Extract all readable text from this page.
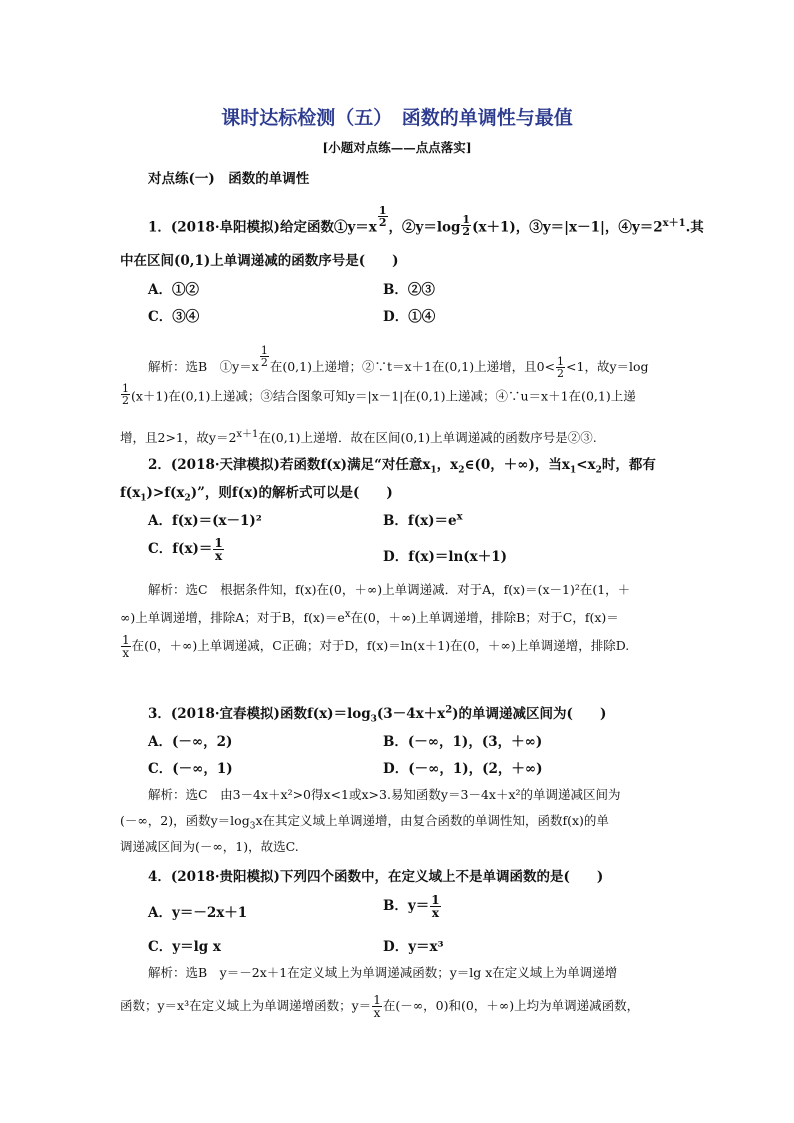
课时达标检测（五）　函数的单调性与最值
[小题对点练——点点落实]
对点练(一)　函数的单调性
1．(2018·阜阳模拟)给定函数①y＝x $\frac{1}{2}$ ，②y＝log $\frac{1}{2} (x+1)$，③y＝|x－1|，$④y=2^{x+1}$.其
中在区间(0,1)上单调递减的函数序号是(　　)
A．①②	B．②③
C．③④	D．①④
解析：选B　①y＝x $\frac{1}{2}$ 在(0,1)上递增；②∵t＝x＋1在(0,1)上递增，且$0< \frac{1}{2} <1$，故y＝log
$\frac{1}{2} (x+1)$在(0,1)上递减；③结合图象可知y＝|x－1|在(0,1)上递减；④∵u＝x＋1在(0,1)上递
增，且2>1，故$y=2^{x+1}$在(0,1)上递增．故在区间(0,1)上单调递减的函数序号是②③.
2．(2018·天津模拟)若函数f(x)满足“对任意$x_1$，$x_2\in(0$，＋∞)，当$x_1<x_2$时，都有
$f(x_1)>f(x_2)$”，则f(x)的解析式可以是(　　)
A．f(x)＝(x－1)²	B．$f(x)=e^x$
C．$f(x)= \frac{1}{x}$	D．f(x)＝ln(x＋1)
解析：选C　根据条件知，f(x)在(0，＋∞)上单调递减．对于A，f(x)＝(x－1)²在(1，＋
∞)上单调递增，排除A；对于B，$f(x)=e^x$在(0，＋∞)上单调递增，排除B；对于C，f(x)＝
$\frac{1}{x}$ 在(0，＋∞)上单调递减，C正确；对于D，f(x)＝ln(x＋1)在(0，＋∞)上单调递增，排除D.
3．(2018·宜春模拟)函数$f(x)=\log_3(3-4x+x^2)$的单调递减区间为(　　)
A．(－∞，2)	B．(－∞，1)，(3，＋∞)
C．(－∞，1)	D．(－∞，1)，(2，＋∞)
解析：选C　由3－4x＋x²>0得x<1或x>3.易知函数y＝3－4x＋x²的单调递减区间为
(－∞，2)，函数$y=\log_3x$在其定义域上单调递增，由复合函数的单调性知，函数f(x)的单
调递减区间为(－∞，1)，故选C.
4．(2018·贵阳模拟)下列四个函数中，在定义域上不是单调函数的是(　　)
A．y＝－2x＋1	B．$y= \frac{1}{x}$
C．y＝lg x	D．y＝x³
解析：选B　y＝－2x＋1在定义域上为单调递减函数；y＝lg x在定义域上为单调递增
函数；y＝x³在定义域上为单调递增函数；$y= \frac{1}{x}$ 在(－∞，0)和(0，＋∞)上均为单调递减函数，
